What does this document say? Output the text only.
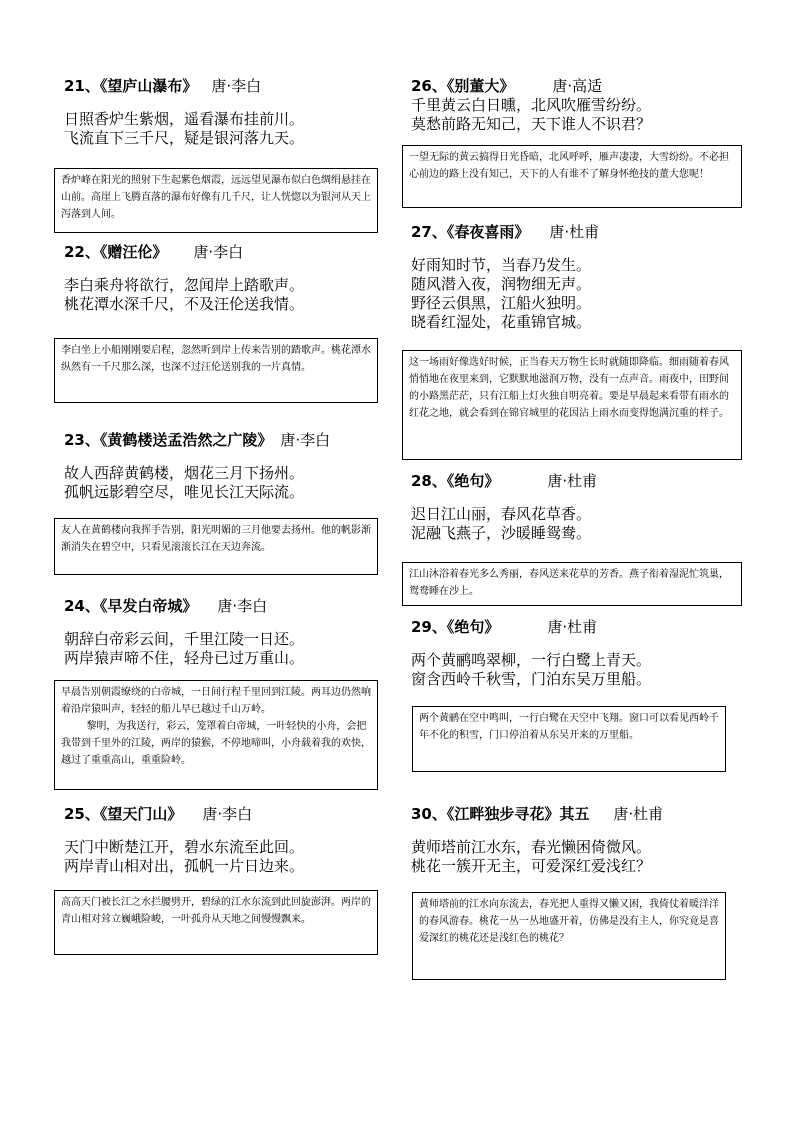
21、《望庐山瀑布》 唐·李白
日照香炉生紫烟，遥看瀑布挂前川。
飞流直下三千尺，疑是银河落九天。
香炉峰在阳光的照射下生起紫色烟霞，远远望见瀑布似白色绸绢悬挂在山前。高崖上飞腾直落的瀑布好像有几千尺，让人恍惚以为银河从天上泻落到人间。
22、《赠汪伦》 唐·李白
李白乘舟将欲行，忽闻岸上踏歌声。
桃花潭水深千尺，不及汪伦送我情。
李白坐上小船刚刚要启程，忽然听到岸上传来告别的踏歌声。桃花潭水纵然有一千尺那么深，也深不过汪伦送别我的一片真情。
23、《黄鹤楼送孟浩然之广陵》 唐·李白
故人西辞黄鹤楼，烟花三月下扬州。
孤帆远影碧空尽，唯见长江天际流。
友人在黄鹤楼向我挥手告别，阳光明媚的三月他要去扬州。他的帆影渐渐消失在碧空中，只看见滚滚长江在天边奔流。
24、《早发白帝城》 唐·李白
朝辞白帝彩云间，千里江陵一日还。
两岸猿声啼不住，轻舟已过万重山。
早晨告别朝霞缭绕的白帝城，一日间行程千里回到江陵。两耳边仍然响着沿岸猿叫声，轻轻的船儿早已越过千山万岭。
黎明，为我送行，彩云，笼罩着白帝城，一叶轻快的小舟，会把我带到千里外的江陵，两岸的猿猴，不停地啼叫，小舟载着我的欢快，越过了重重高山，重重险岭。
25、《望天门山》 唐·李白
天门中断楚江开，碧水东流至此回。
两岸青山相对出，孤帆一片日边来。
高高天门被长江之水拦腰劈开，碧绿的江水东流到此回旋澎湃。两岸的青山相对耸立巍峨险峻，一叶孤舟从天地之间慢慢飘来。
26、《别董大》	唐·高适
千里黄云白日曛，北风吹雁雪纷纷。
莫愁前路无知己，天下谁人不识君？
一望无际的黄云搞得日光昏暗，北风呼呼，雁声凄凄，大雪纷纷。不必担心前边的路上没有知己，天下的人有谁不了解身怀绝技的董大您呢！
27、《春夜喜雨》 唐·杜甫
好雨知时节，当春乃发生。
随风潜入夜，润物细无声。
野径云俱黑，江船火独明。
晓看红湿处，花重锦官城。
这一场雨好像选好时候，正当春天万物生长时就随即降临。细雨随着春风悄悄地在夜里来到，它默默地滋润万物，没有一点声音。雨夜中，田野间的小路黑茫茫，只有江船上灯火独自明亮着。要是早晨起来看带有雨水的红花之地，就会看到在锦官城里的花因沾上雨水而变得饱满沉重的样子。
28、《绝句》	唐·杜甫
迟日江山丽，春风花草香。
泥融飞燕子，沙暖睡鸳鸯。
江山沐浴着春光多么秀丽，春风送来花草的芳香。燕子衔着湿泥忙筑巢，鸳鸯睡在沙上。
29、《绝句》	唐·杜甫
两个黄鹂鸣翠柳，一行白鹭上青天。
窗含西岭千秋雪，门泊东吴万里船。
两个黄鹂在空中鸣叫，一行白鹭在天空中飞翔。窗口可以看见西岭千年不化的积雪，门口停泊着从东吴开来的万里船。
30、《江畔独步寻花》其五 唐·杜甫
黄师塔前江水东，春光懒困倚微风。
桃花一簇开无主，可爱深红爱浅红？
黄师塔前的江水向东流去，春光把人重得又懒又困，我倚仗着暖洋洋的春风游春。桃花一丛一丛地盛开着，仿佛是没有主人，你究竟是喜爱深红的桃花还是浅红色的桃花？
